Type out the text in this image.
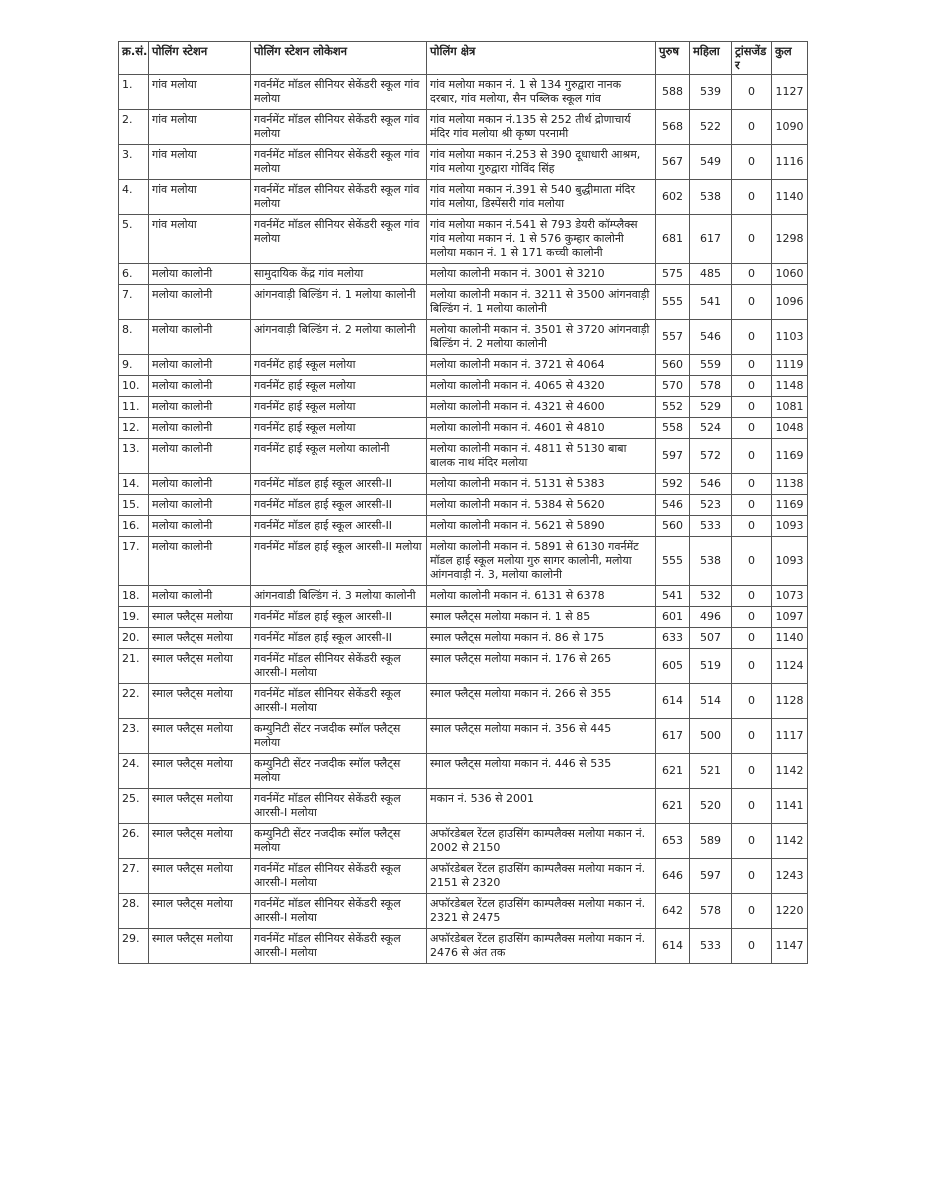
क्र.सं.	पोलिंग स्टेशन	पोलिंग स्टेशन लोकेशन	पोलिंग क्षेत्र	पुरुष	महिला	ट्रांसजेंडर	कुल
1.	गांव मलोया	गवर्नमेंट मॉडल सीनियर सेकेंडरी स्कूल गांव मलोया	गांव मलोया मकान नं. 1 से 134 गुरुद्वारा नानक दरबार, गांव मलोया, सैन पब्लिक स्कूल गांव	588	539	0	1127
2.	गांव मलोया	गवर्नमेंट मॉडल सीनियर सेकेंडरी स्कूल गांव मलोया	गांव मलोया मकान नं.135 से 252 तीर्थ द्रोणाचार्य मंदिर गांव मलोया श्री कृष्ण परनामी	568	522	0	1090
3.	गांव मलोया	गवर्नमेंट मॉडल सीनियर सेकेंडरी स्कूल गांव मलोया	गांव मलोया मकान नं.253 से 390 दूधाधारी आश्रम, गांव मलोया गुरुद्वारा गोविंद सिंह	567	549	0	1116
4.	गांव मलोया	गवर्नमेंट मॉडल सीनियर सेकेंडरी स्कूल गांव मलोया	गांव मलोया मकान नं.391 से 540 बुद्धीमाता मंदिर गांव मलोया, डिस्पेंसरी गांव मलोया	602	538	0	1140
5.	गांव मलोया	गवर्नमेंट मॉडल सीनियर सेकेंडरी स्कूल गांव मलोया	गांव मलोया मकान नं.541 से 793 डेयरी कॉम्प्लैक्स गांव मलोया मकान नं. 1 से 576 कुम्हार कालोनी मलोया मकान नं. 1 से 171 कच्ची कालोनी	681	617	0	1298
6.	मलोया कालोनी	सामुदायिक केंद्र गांव मलोया	मलोया कालोनी मकान नं. 3001 से 3210	575	485	0	1060
7.	मलोया कालोनी	आंगनवाड़ी बिल्डिंग नं. 1 मलोया कालोनी	मलोया कालोनी मकान नं. 3211 से 3500 आंगनवाड़ी बिल्डिंग नं. 1 मलोया कालोनी	555	541	0	1096
8.	मलोया कालोनी	आंगनवाड़ी बिल्डिंग नं. 2 मलोया कालोनी	मलोया कालोनी मकान नं. 3501 से 3720 आंगनवाड़ी बिल्डिंग नं. 2 मलोया कालोनी	557	546	0	1103
9.	मलोया कालोनी	गवर्नमेंट हाई स्कूल मलोया	मलोया कालोनी मकान नं. 3721 से 4064	560	559	0	1119
10.	मलोया कालोनी	गवर्नमेंट हाई स्कूल मलोया	मलोया कालोनी मकान नं. 4065 से 4320	570	578	0	1148
11.	मलोया कालोनी	गवर्नमेंट हाई स्कूल मलोया	मलोया कालोनी मकान नं. 4321 से 4600	552	529	0	1081
12.	मलोया कालोनी	गवर्नमेंट हाई स्कूल मलोया	मलोया कालोनी मकान नं. 4601 से 4810	558	524	0	1048
13.	मलोया कालोनी	गवर्नमेंट हाई स्कूल मलोया कालोनी	मलोया कालोनी मकान नं. 4811 से 5130 बाबा बालक नाथ मंदिर मलोया	597	572	0	1169
14.	मलोया कालोनी	गवर्नमेंट मॉडल हाई स्कूल आरसी-II	मलोया कालोनी मकान नं. 5131 से 5383	592	546	0	1138
15.	मलोया कालोनी	गवर्नमेंट मॉडल हाई स्कूल आरसी-II	मलोया कालोनी मकान नं. 5384 से 5620	546	523	0	1169
16.	मलोया कालोनी	गवर्नमेंट मॉडल हाई स्कूल आरसी-II	मलोया कालोनी मकान नं. 5621 से 5890	560	533	0	1093
17.	मलोया कालोनी	गवर्नमेंट मॉडल हाई स्कूल आरसी-II मलोया	मलोया कालोनी मकान नं. 5891 से 6130 गवर्नमेंट मॉडल हाई स्कूल मलोया गुरु सागर कालोनी, मलोया आंगनवाड़ी नं. 3, मलोया कालोनी	555	538	0	1093
18.	मलोया कालोनी	आंगनवाडी बिल्डिंग नं. 3 मलोया कालोनी	मलोया कालोनी मकान नं. 6131 से 6378	541	532	0	1073
19.	स्माल फ्लैट्स मलोया	गवर्नमेंट मॉडल हाई स्कूल आरसी-II	स्माल फ्लैट्स मलोया मकान नं. 1 से 85	601	496	0	1097
20.	स्माल फ्लैट्स मलोया	गवर्नमेंट मॉडल हाई स्कूल आरसी-II	स्माल फ्लैट्स मलोया मकान नं. 86 से 175	633	507	0	1140
21.	स्माल फ्लैट्स मलोया	गवर्नमेंट मॉडल सीनियर सेकेंडरी स्कूल आरसी-I मलोया	स्माल फ्लैट्स मलोया मकान नं. 176 से 265	605	519	0	1124
22.	स्माल फ्लैट्स मलोया	गवर्नमेंट मॉडल सीनियर सेकेंडरी स्कूल आरसी-I मलोया	स्माल फ्लैट्स मलोया मकान नं. 266 से 355	614	514	0	1128
23.	स्माल फ्लैट्स मलोया	कम्युनिटी सेंटर नजदीक स्मॉल फ्लैट्स मलोया	स्माल फ्लैट्स मलोया मकान नं. 356 से 445	617	500	0	1117
24.	स्माल फ्लैट्स मलोया	कम्युनिटी सेंटर नजदीक स्मॉल फ्लैट्स मलोया	स्माल फ्लैट्स मलोया मकान नं. 446 से 535	621	521	0	1142
25.	स्माल फ्लैट्स मलोया	गवर्नमेंट मॉडल सीनियर सेकेंडरी स्कूल आरसी-I मलोया	मकान नं. 536 से 2001	621	520	0	1141
26.	स्माल फ्लैट्स मलोया	कम्युनिटी सेंटर नजदीक स्मॉल फ्लैट्स मलोया	अफॉरडेबल रेंटल हाउसिंग काम्पलैक्स मलोया मकान नं. 2002 से 2150	653	589	0	1142
27.	स्माल फ्लैट्स मलोया	गवर्नमेंट मॉडल सीनियर सेकेंडरी स्कूल आरसी-I मलोया	अफॉरडेबल रेंटल हाउसिंग काम्पलैक्स मलोया मकान नं. 2151 से 2320	646	597	0	1243
28.	स्माल फ्लैट्स मलोया	गवर्नमेंट मॉडल सीनियर सेकेंडरी स्कूल आरसी-I मलोया	अफॉरडेबल रेंटल हाउसिंग काम्पलैक्स मलोया मकान नं. 2321 से 2475	642	578	0	1220
29.	स्माल फ्लैट्स मलोया	गवर्नमेंट मॉडल सीनियर सेकेंडरी स्कूल आरसी-I मलोया	अफॉरडेबल रेंटल हाउसिंग काम्पलैक्स मलोया मकान नं. 2476 से अंत तक	614	533	0	1147
